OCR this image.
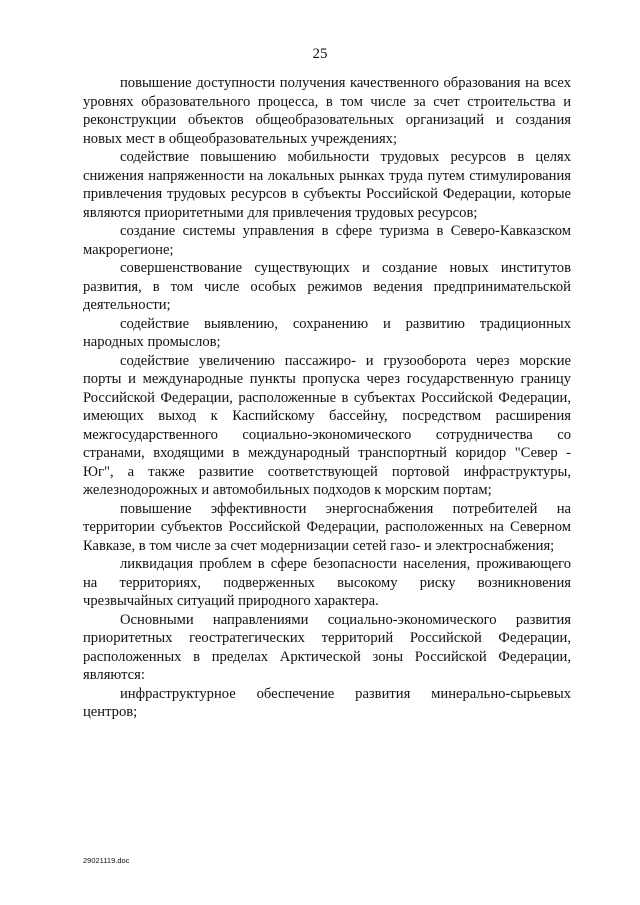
25

повышение доступности получения качественного образования на всех уровнях образовательного процесса, в том числе за счет строительства и реконструкции объектов общеобразовательных организаций и создания новых мест в общеобразовательных учреждениях;

содействие повышению мобильности трудовых ресурсов в целях снижения напряженности на локальных рынках труда путем стимулирования привлечения трудовых ресурсов в субъекты Российской Федерации, которые являются приоритетными для привлечения трудовых ресурсов;

создание системы управления в сфере туризма в Северо-Кавказском макрорегионе;

совершенствование существующих и создание новых институтов развития, в том числе особых режимов ведения предпринимательской деятельности;

содействие выявлению, сохранению и развитию традиционных народных промыслов;

содействие увеличению пассажиро- и грузооборота через морские порты и международные пункты пропуска через государственную границу Российской Федерации, расположенные в субъектах Российской Федерации, имеющих выход к Каспийскому бассейну, посредством расширения межгосударственного социально-экономического сотрудничества со странами, входящими в международный транспортный коридор "Север - Юг", а также развитие соответствующей портовой инфраструктуры, железнодорожных и автомобильных подходов к морским портам;

повышение эффективности энергоснабжения потребителей на территории субъектов Российской Федерации, расположенных на Северном Кавказе, в том числе за счет модернизации сетей газо- и электроснабжения;

ликвидация проблем в сфере безопасности населения, проживающего на территориях, подверженных высокому риску возникновения чрезвычайных ситуаций природного характера.

Основными направлениями социально-экономического развития приоритетных геостратегических территорий Российской Федерации, расположенных в пределах Арктической зоны Российской Федерации, являются:

инфраструктурное обеспечение развития минерально-сырьевых центров;

29021119.doc
